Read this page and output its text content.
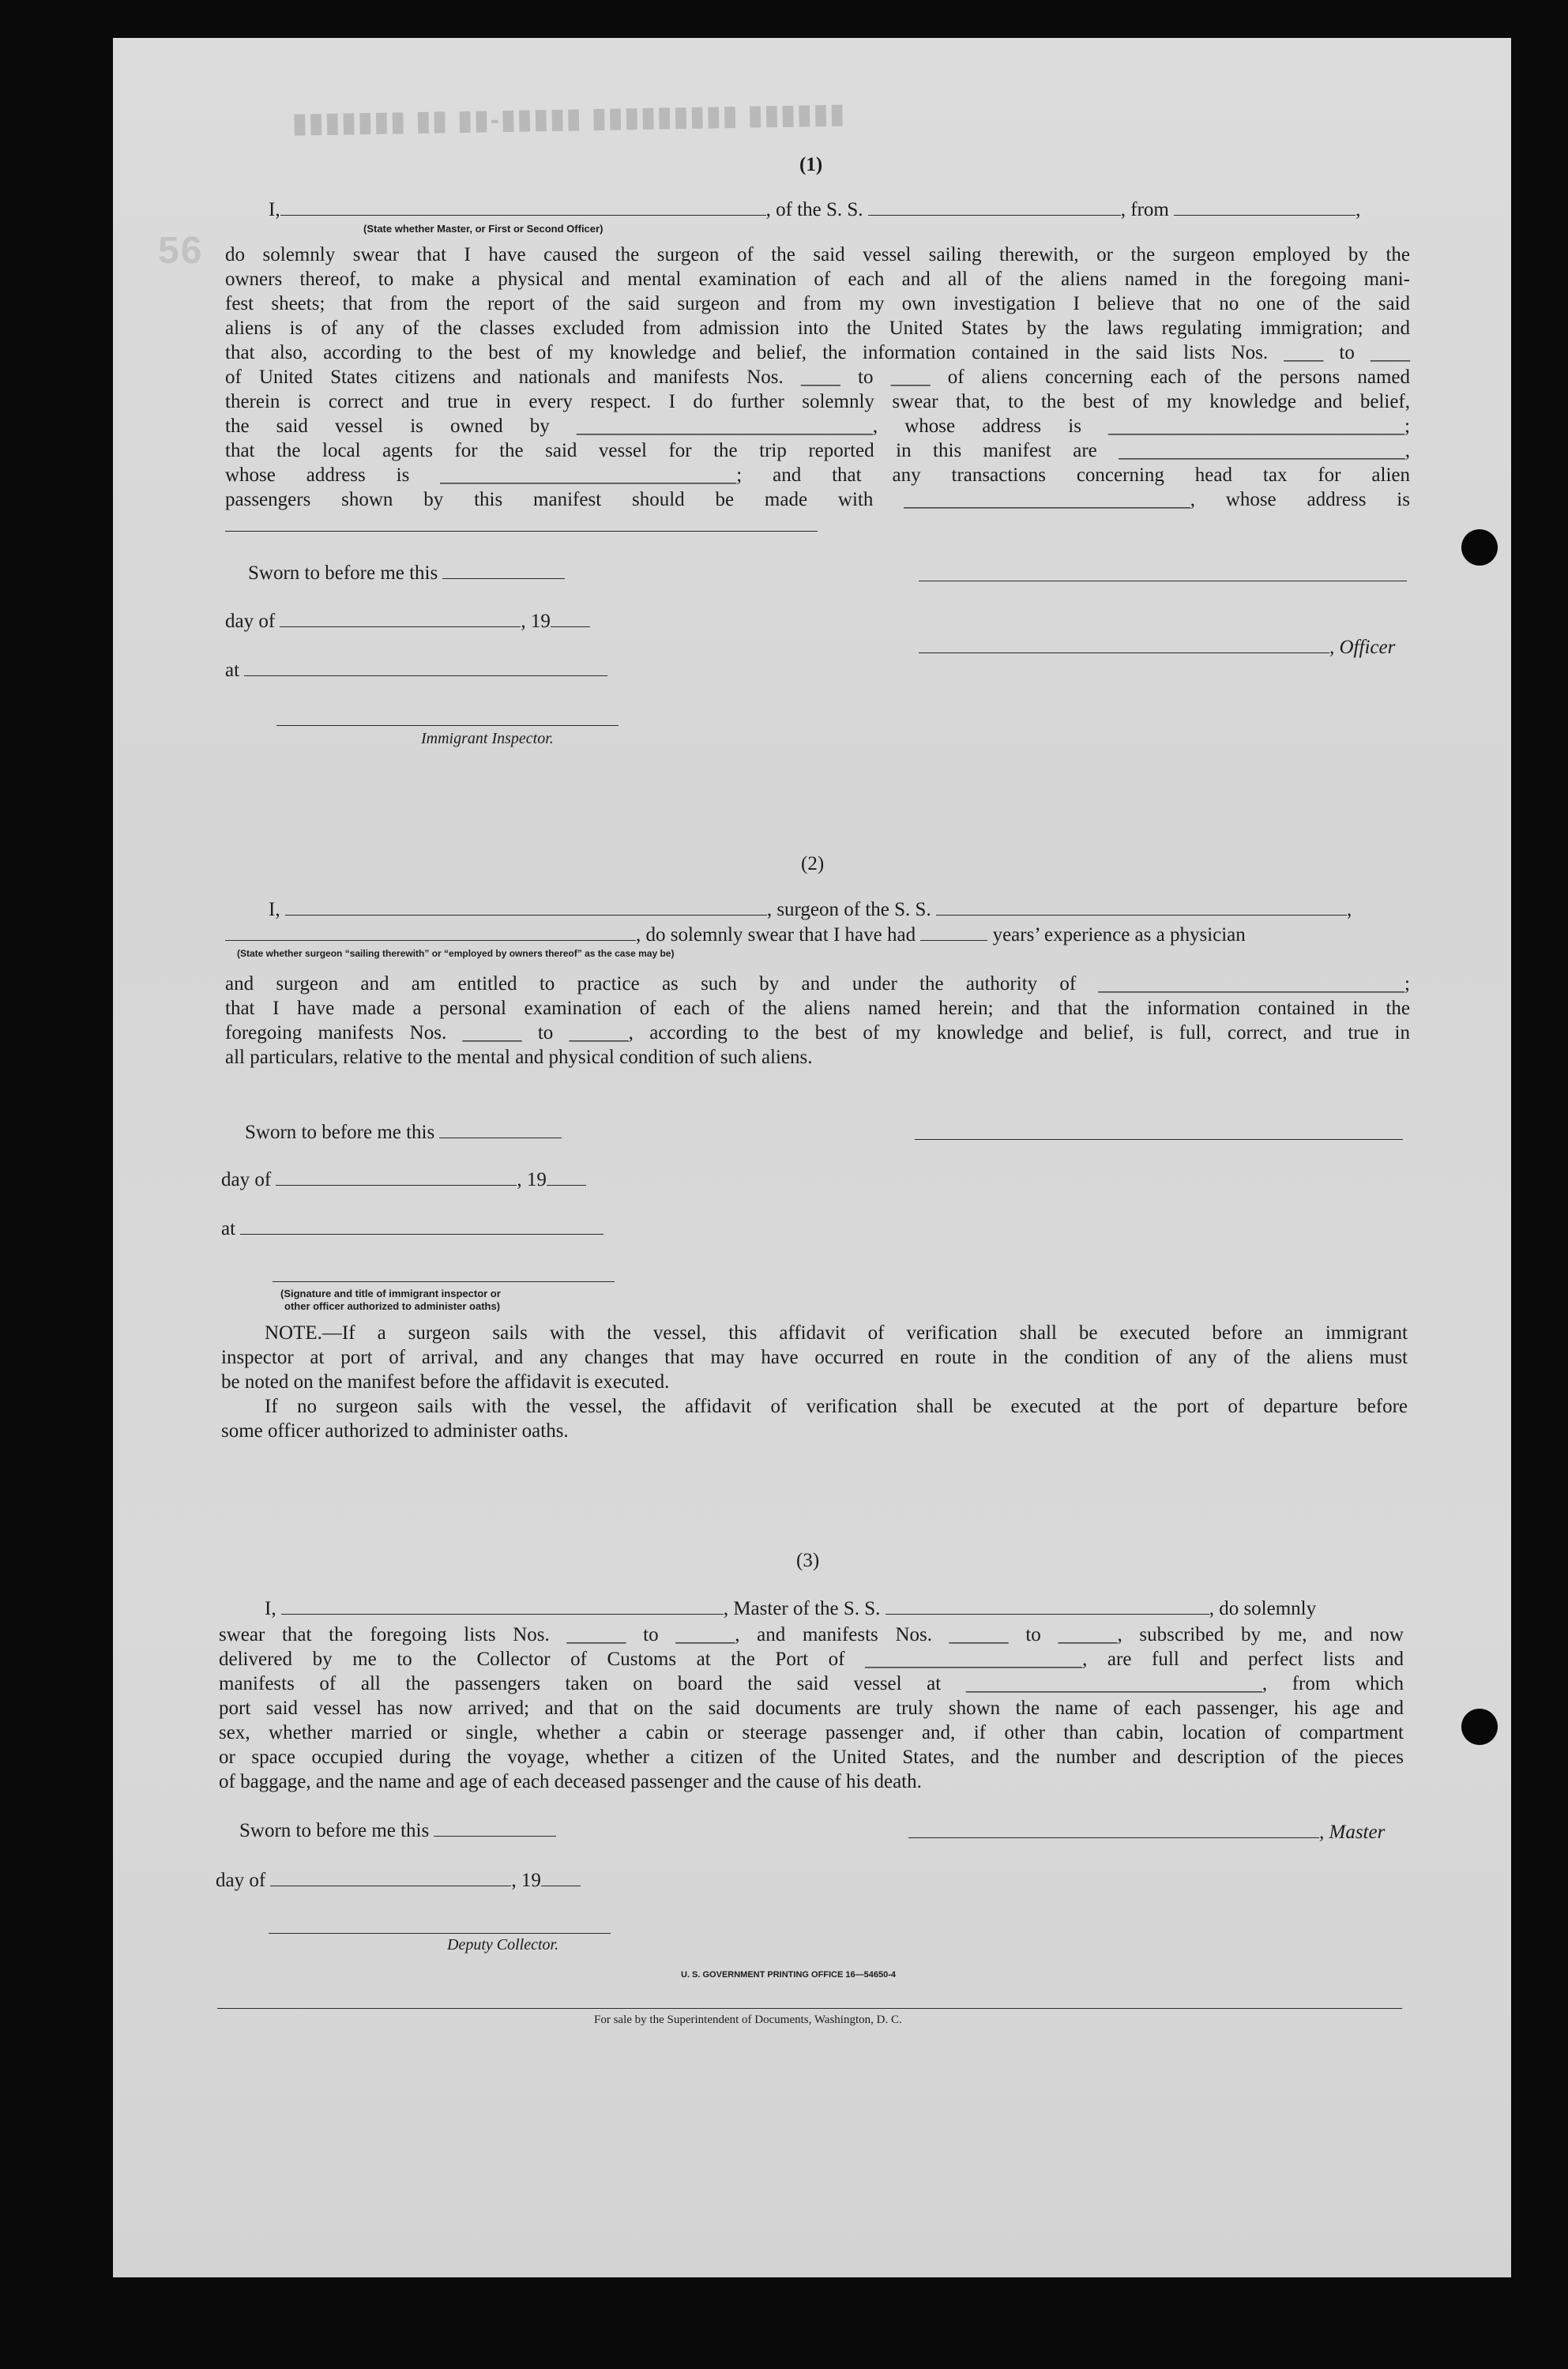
▮▮▮▮▮▮▮ ▮▮ ▮▮-▮▮▮▮▮ ▮▮▮▮▮▮▮▮▮ ▮▮▮▮▮▮
56
(1)
I,	, of the S. S.	, from	,
(State whether Master, or First or Second Officer)
do solemnly swear that I have caused the surgeon of the said vessel sailing therewith, or the surgeon employed by the
owners thereof, to make a physical and mental examination of each and all of the aliens named in the foregoing mani-
fest sheets; that from the report of the said surgeon and from my own investigation I believe that no one of the said
aliens is of any of the classes excluded from admission into the United States by the laws regulating immigration; and
that also, according to the best of my knowledge and belief, the information contained in the said lists Nos. ____ to ____
of United States citizens and nationals and manifests Nos. ____ to ____ of aliens concerning each of the persons named
therein is correct and true in every respect. I do further solemnly swear that, to the best of my knowledge and belief,
the said vessel is owned by ______________________________, whose address is ______________________________;
that the local agents for the said vessel for the trip reported in this manifest are _____________________________,
whose address is ______________________________; and that any transactions concerning head tax for alien
passengers shown by this manifest should be made with _____________________________, whose address is
Sworn to before me this
day of	, 19
, Officer
at
Immigrant Inspector.
(2)
I,	, surgeon of the S. S.	,
, do solemnly swear that I have had	years’ experience as a physician
(State whether surgeon “sailing therewith” or “employed by owners thereof” as the case may be)
and surgeon and am entitled to practice as such by and under the authority of _______________________________;
that I have made a personal examination of each of the aliens named herein; and that the information contained in the
foregoing manifests Nos. ______ to ______, according to the best of my knowledge and belief, is full, correct, and true in
all particulars, relative to the mental and physical condition of such aliens.
Sworn to before me this
day of	, 19
at
(Signature and title of immigrant inspector or
other officer authorized to administer oaths)
NOTE.—If a surgeon sails with the vessel, this affidavit of verification shall be executed before an immigrant
inspector at port of arrival, and any changes that may have occurred en route in the condition of any of the aliens must
be noted on the manifest before the affidavit is executed.
If no surgeon sails with the vessel, the affidavit of verification shall be executed at the port of departure before
some officer authorized to administer oaths.
(3)
I,	, Master of the S. S.	, do solemnly
swear that the foregoing lists Nos. ______ to ______, and manifests Nos. ______ to ______, subscribed by me, and now
delivered by me to the Collector of Customs at the Port of ______________________, are full and perfect lists and
manifests of all the passengers taken on board the said vessel at ______________________________, from which
port said vessel has now arrived; and that on the said documents are truly shown the name of each passenger, his age and
sex, whether married or single, whether a cabin or steerage passenger and, if other than cabin, location of compartment
or space occupied during the voyage, whether a citizen of the United States, and the number and description of the pieces
of baggage, and the name and age of each deceased passenger and the cause of his death.
Sworn to before me this	, Master
day of	, 19
Deputy Collector.
U. S. GOVERNMENT PRINTING OFFICE 16—54650-4
For sale by the Superintendent of Documents, Washington, D. C.
